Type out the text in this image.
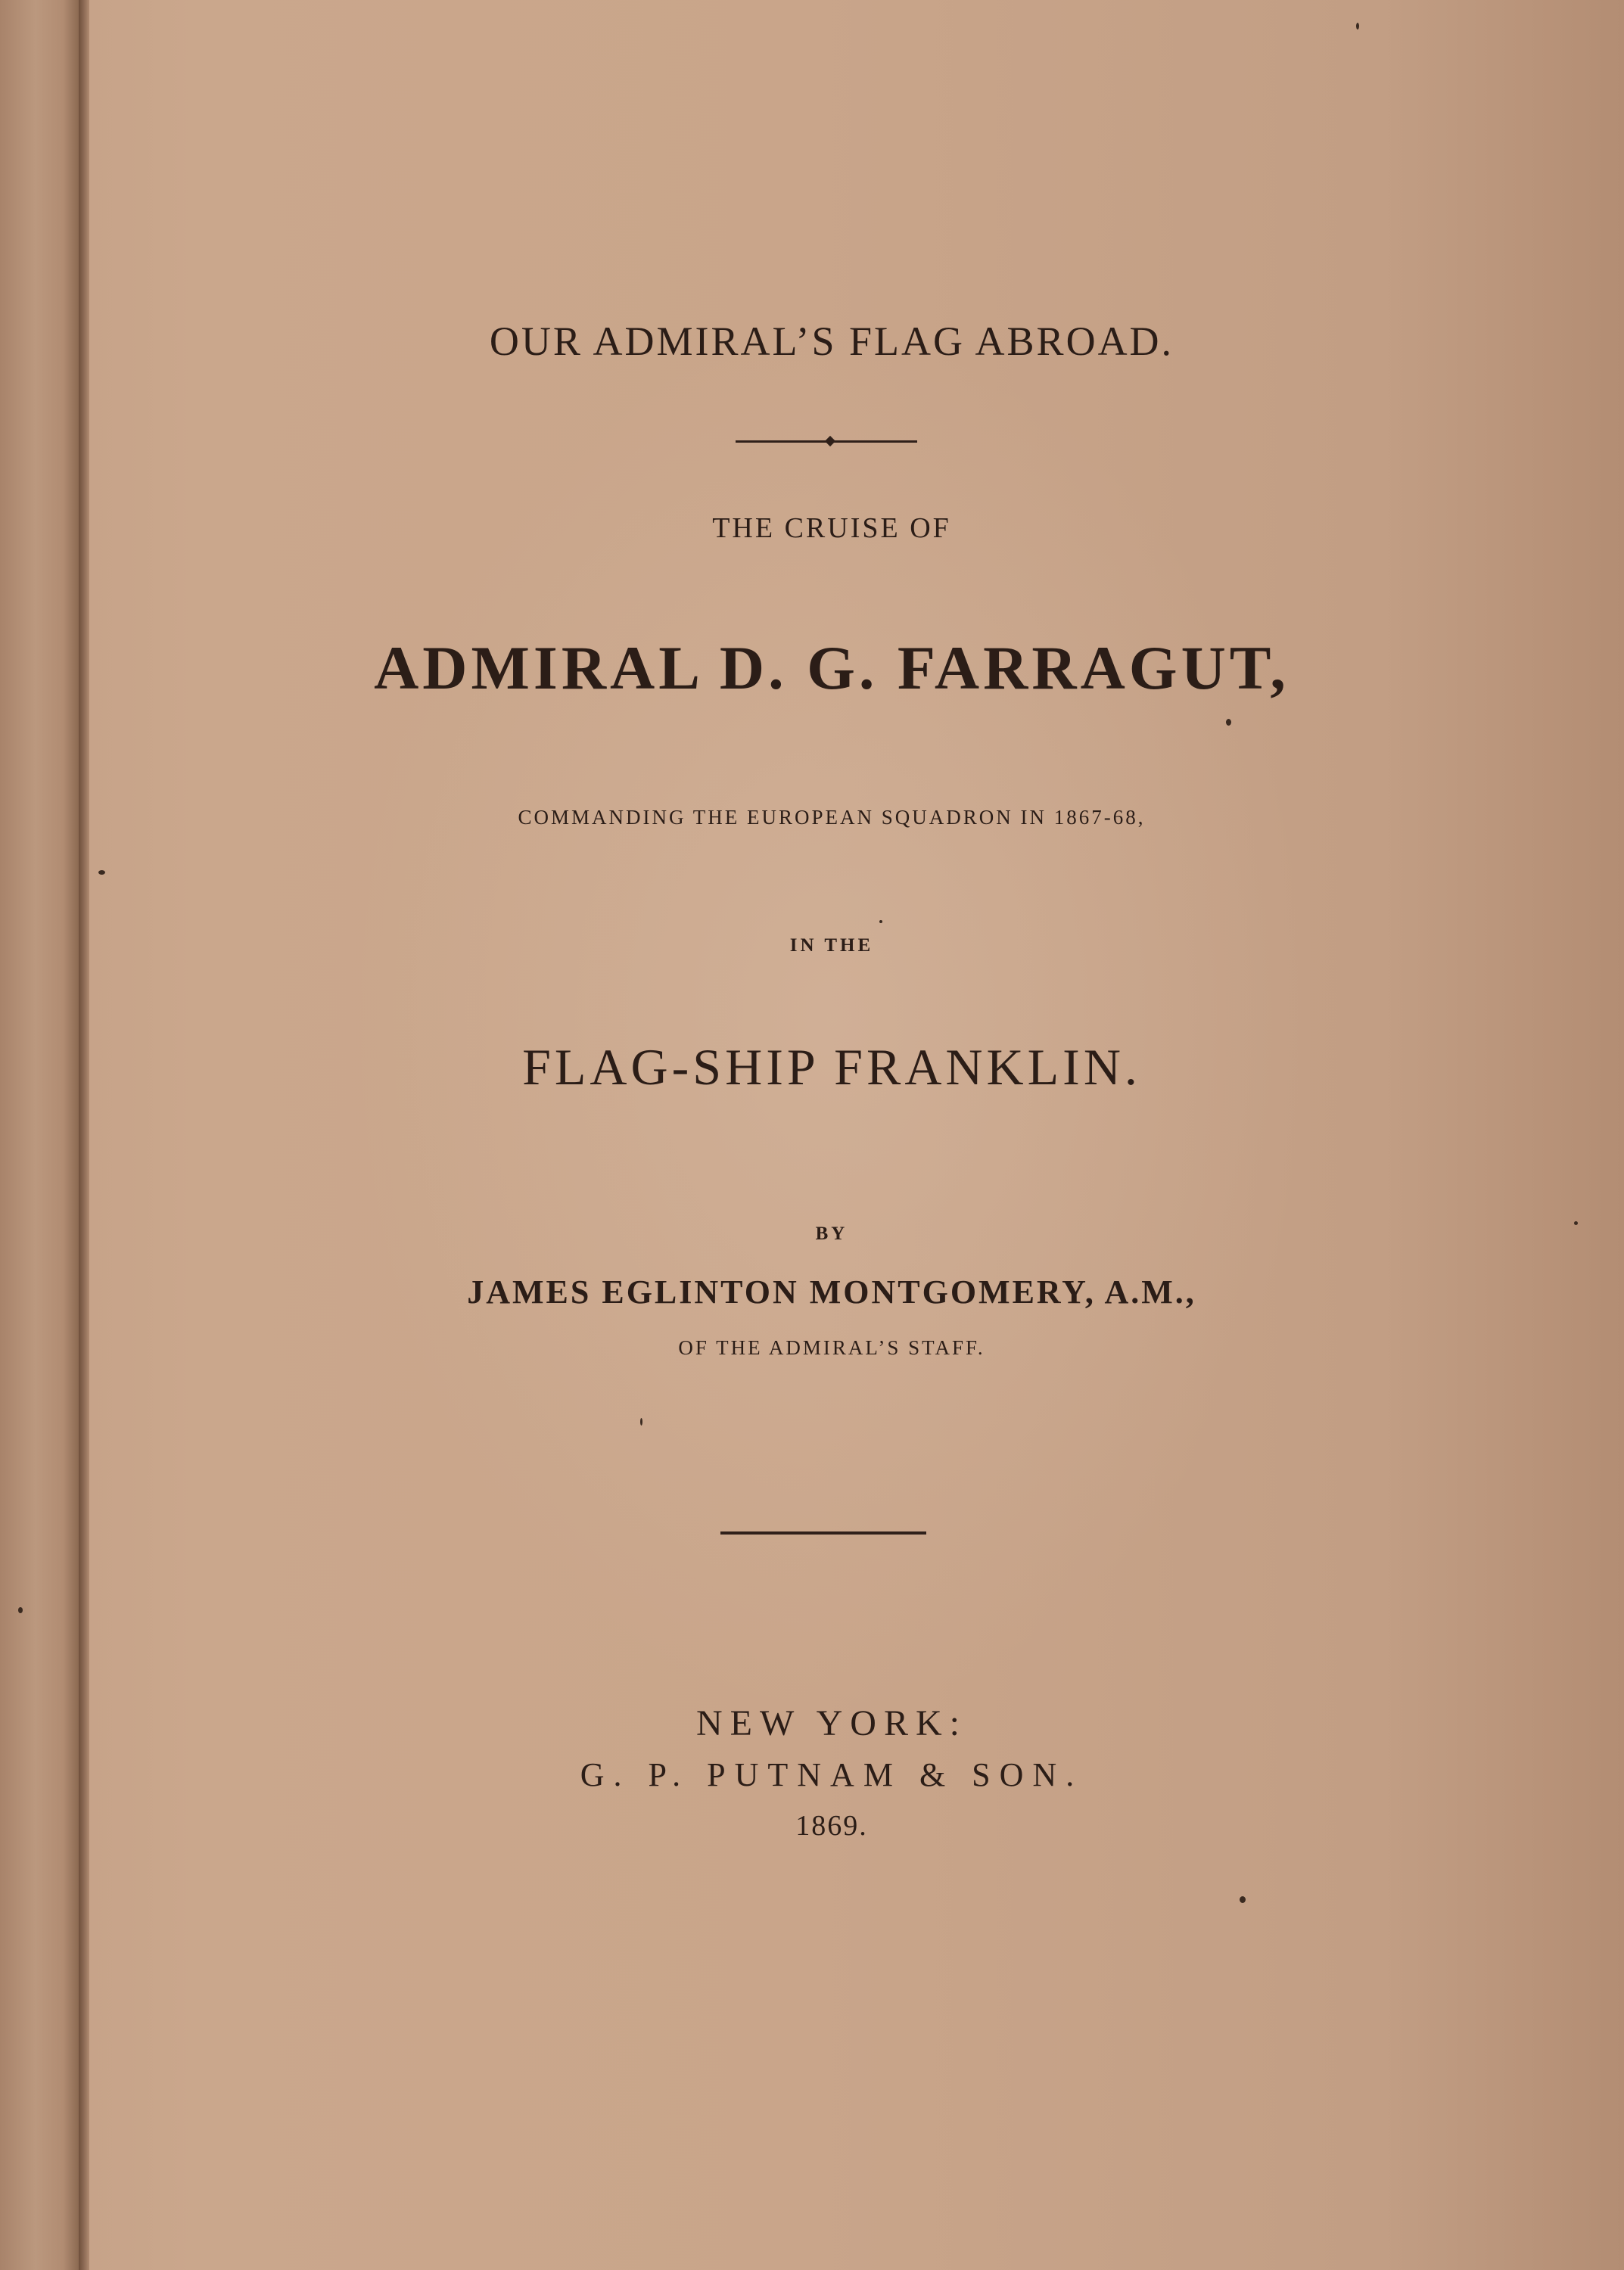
OUR ADMIRAL’S FLAG ABROAD.
THE CRUISE OF
ADMIRAL D. G. FARRAGUT,
COMMANDING THE EUROPEAN SQUADRON IN 1867-68,
IN THE
FLAG-SHIP FRANKLIN.
BY
JAMES EGLINTON MONTGOMERY, A.M.,
OF THE ADMIRAL’S STAFF.
NEW YORK:
G. P. PUTNAM & SON.
1869.
